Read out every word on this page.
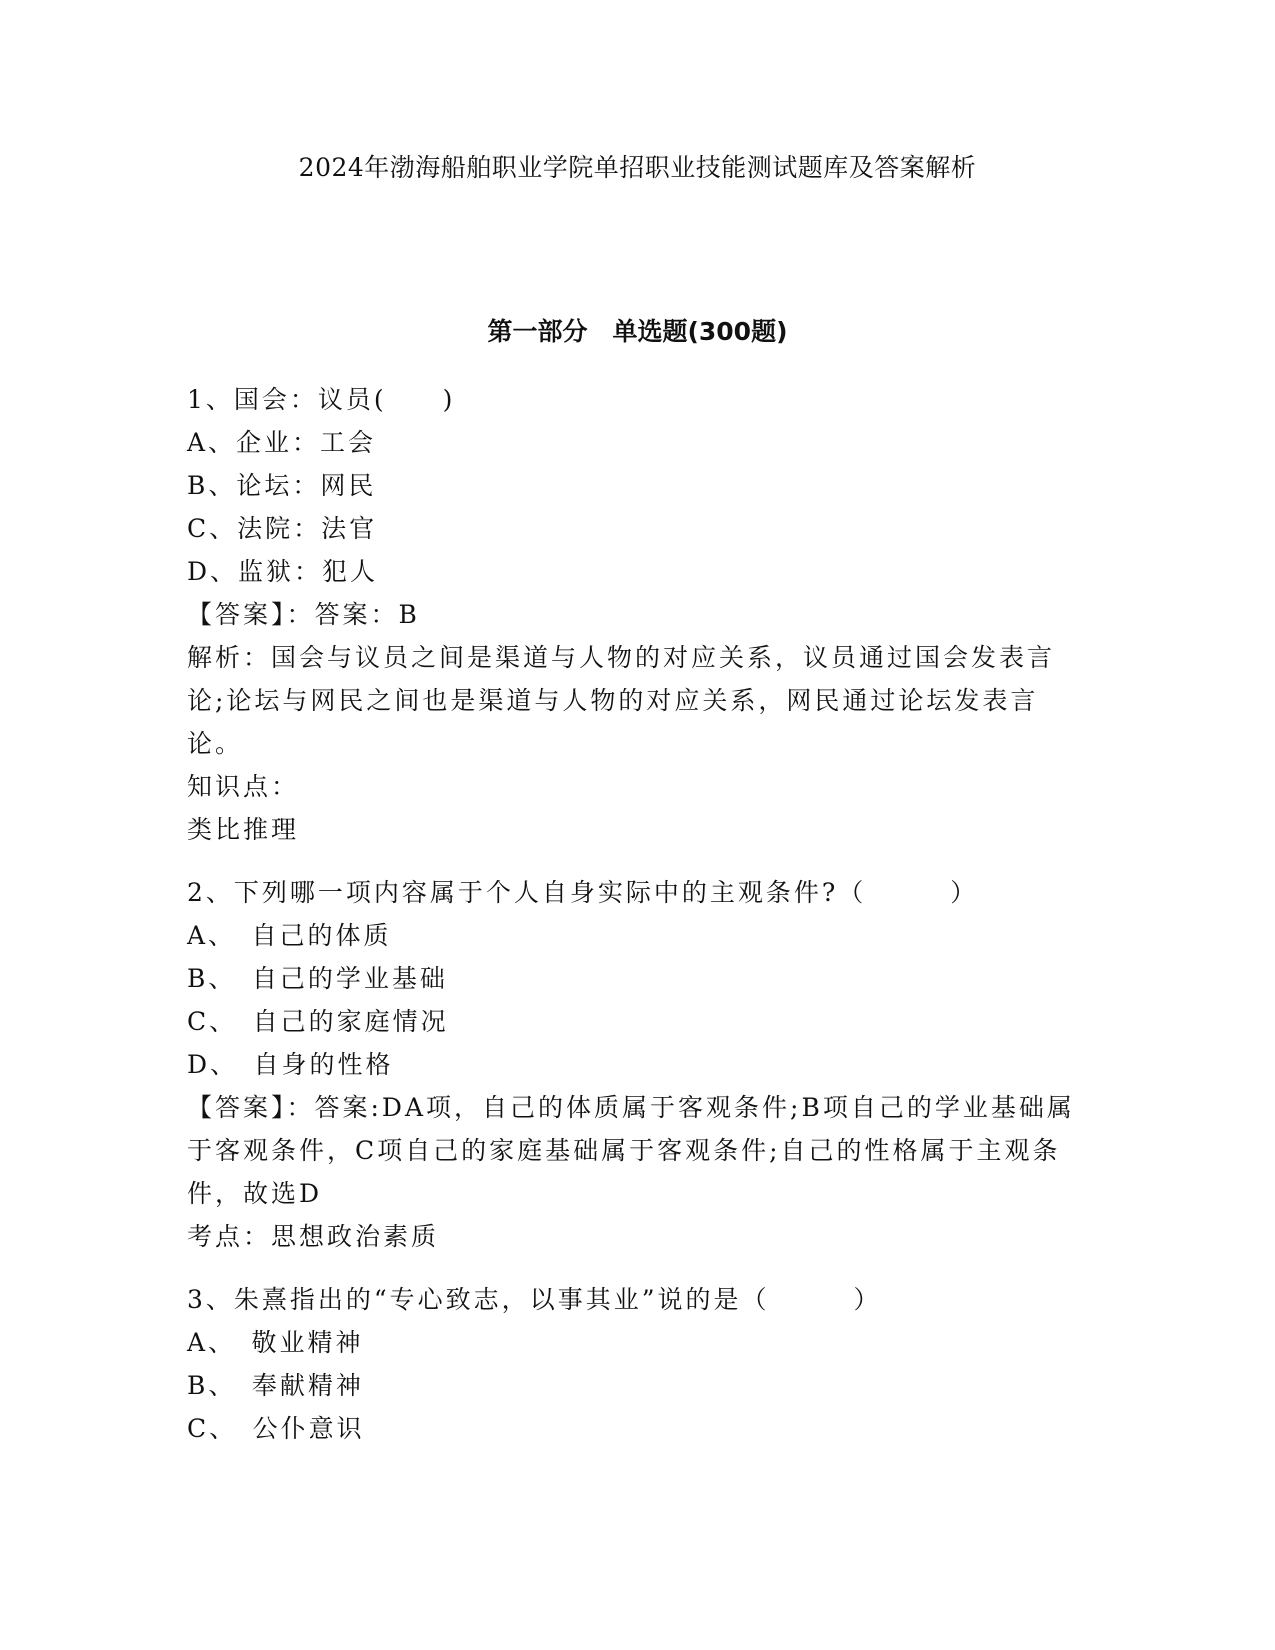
2024年渤海船舶职业学院单招职业技能测试题库及答案解析
第一部分　单选题(300题)
1、国会：议员(　　)
A、企业：工会
B、论坛：网民
C、法院：法官
D、监狱：犯人
【答案】：答案：B
解析：国会与议员之间是渠道与人物的对应关系，议员通过国会发表言论;论坛与网民之间也是渠道与人物的对应关系，网民通过论坛发表言论。
知识点：
类比推理
2、下列哪一项内容属于个人自身实际中的主观条件?（　　　）
A、　自己的体质
B、　自己的学业基础
C、　自己的家庭情况
D、　自身的性格
【答案】：答案:DA项，自己的体质属于客观条件;B项自己的学业基础属于客观条件，C项自己的家庭基础属于客观条件;自己的性格属于主观条件，故选D
考点：思想政治素质
3、朱熹指出的“专心致志，以事其业”说的是（　　　）
A、　敬业精神
B、　奉献精神
C、　公仆意识
